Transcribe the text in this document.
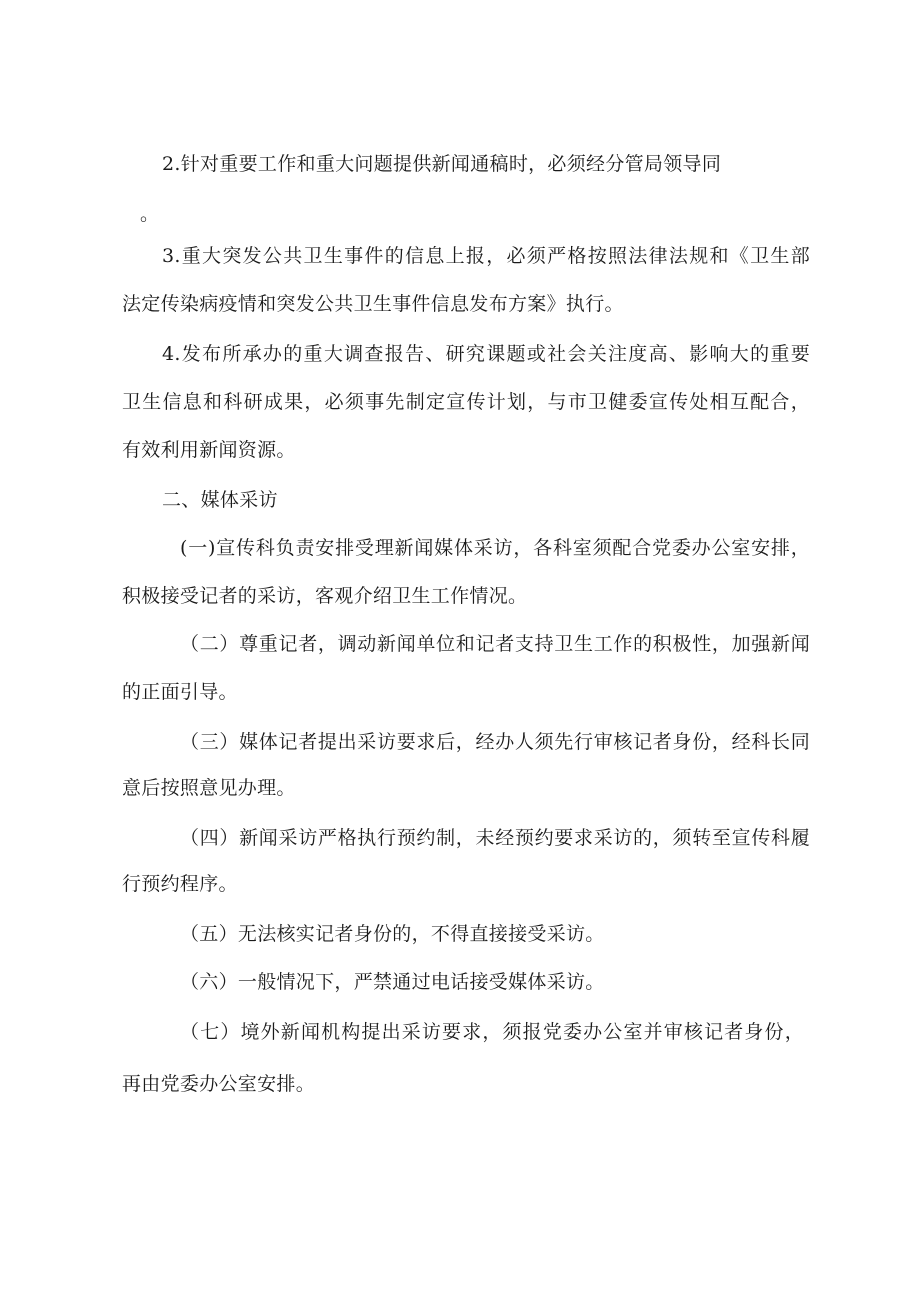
2.针对重要工作和重大问题提供新闻通稿时，必须经分管局领导同
。
3.重大突发公共卫生事件的信息上报，必须严格按照法律法规和《卫生部
法定传染病疫情和突发公共卫生事件信息发布方案》执行。
4.发布所承办的重大调查报告、研究课题或社会关注度高、影响大的重要
卫生信息和科研成果，必须事先制定宣传计划，与市卫健委宣传处相互配合，
有效利用新闻资源。
二、媒体采访
(一)宣传科负责安排受理新闻媒体采访，各科室须配合党委办公室安排，
积极接受记者的采访，客观介绍卫生工作情况。
（二）尊重记者，调动新闻单位和记者支持卫生工作的积极性，加强新闻
的正面引导。
（三）媒体记者提出采访要求后，经办人须先行审核记者身份，经科长同
意后按照意见办理。
（四）新闻采访严格执行预约制，未经预约要求采访的，须转至宣传科履
行预约程序。
（五）无法核实记者身份的，不得直接接受采访。
（六）一般情况下，严禁通过电话接受媒体采访。
（七）境外新闻机构提出采访要求，须报党委办公室并审核记者身份，
再由党委办公室安排。
